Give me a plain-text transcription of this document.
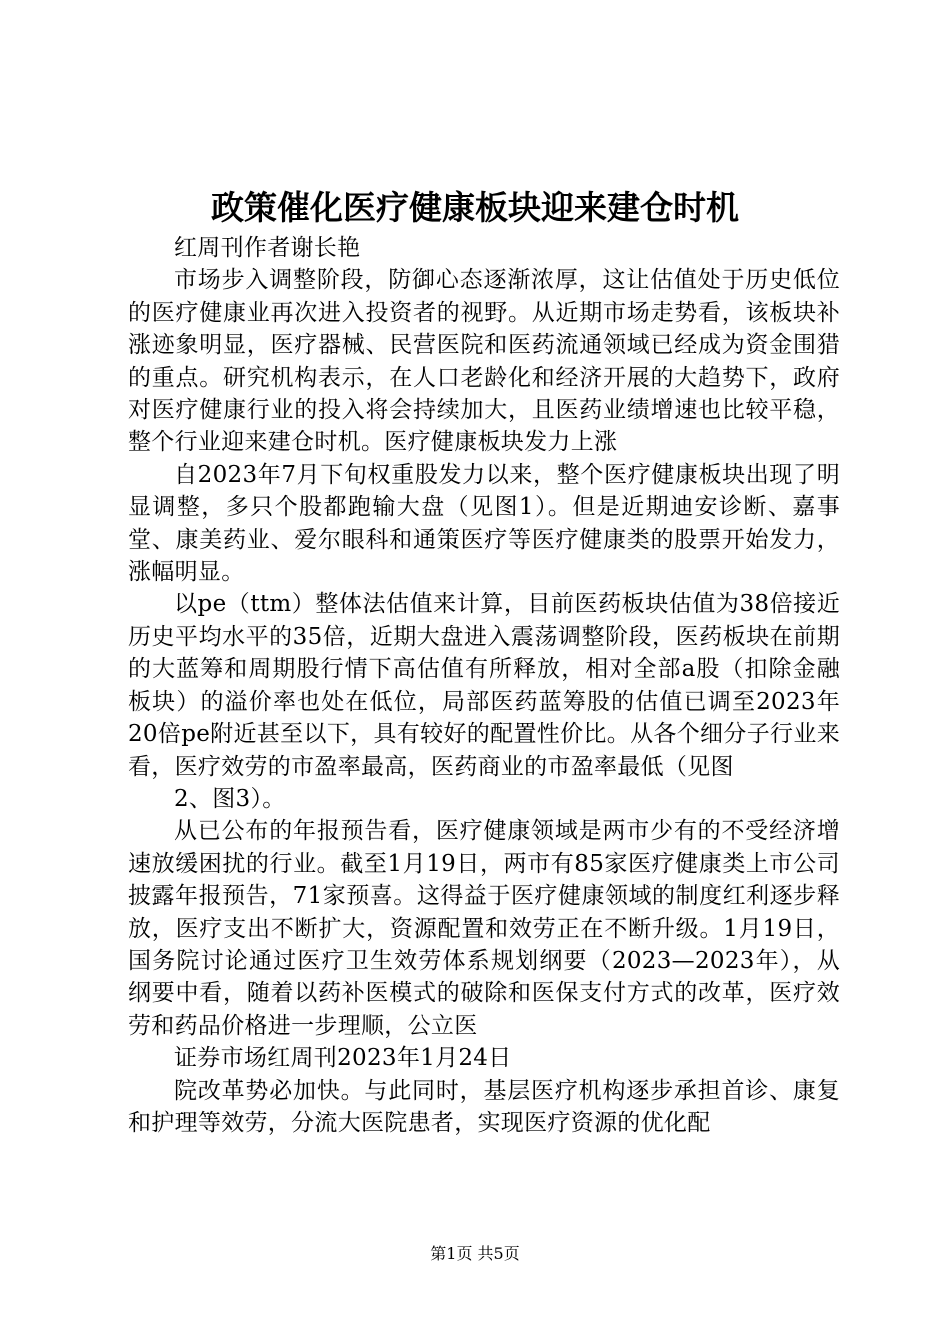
政策催化医疗健康板块迎来建仓时机

红周刊作者谢长艳

市场步入调整阶段，防御心态逐渐浓厚，这让估值处于历史低位的医疗健康业再次进入投资者的视野。从近期市场走势看，该板块补涨迹象明显，医疗器械、民营医院和医药流通领域已经成为资金围猎的重点。研究机构表示，在人口老龄化和经济开展的大趋势下，政府对医疗健康行业的投入将会持续加大，且医药业绩增速也比较平稳，整个行业迎来建仓时机。医疗健康板块发力上涨

自2023年7月下旬权重股发力以来，整个医疗健康板块出现了明显调整，多只个股都跑输大盘（见图1）。但是近期迪安诊断、嘉事堂、康美药业、爱尔眼科和通策医疗等医疗健康类的股票开始发力，涨幅明显。

以pe（ttm）整体法估值来计算，目前医药板块估值为38倍接近历史平均水平的35倍，近期大盘进入震荡调整阶段，医药板块在前期的大蓝筹和周期股行情下高估值有所释放，相对全部a股（扣除金融板块）的溢价率也处在低位，局部医药蓝筹股的估值已调至2023年20倍pe附近甚至以下，具有较好的配置性价比。从各个细分子行业来看，医疗效劳的市盈率最高，医药商业的市盈率最低（见图

2、图3）。

从已公布的年报预告看，医疗健康领域是两市少有的不受经济增速放缓困扰的行业。截至1月19日，两市有85家医疗健康类上市公司披露年报预告，71家预喜。这得益于医疗健康领域的制度红利逐步释放，医疗支出不断扩大，资源配置和效劳正在不断升级。1月19日，国务院讨论通过医疗卫生效劳体系规划纲要（2023—2023年），从纲要中看，随着以药补医模式的破除和医保支付方式的改革，医疗效劳和药品价格进一步理顺，公立医

证券市场红周刊2023年1月24日

院改革势必加快。与此同时，基层医疗机构逐步承担首诊、康复和护理等效劳，分流大医院患者，实现医疗资源的优化配

第1页 共5页
